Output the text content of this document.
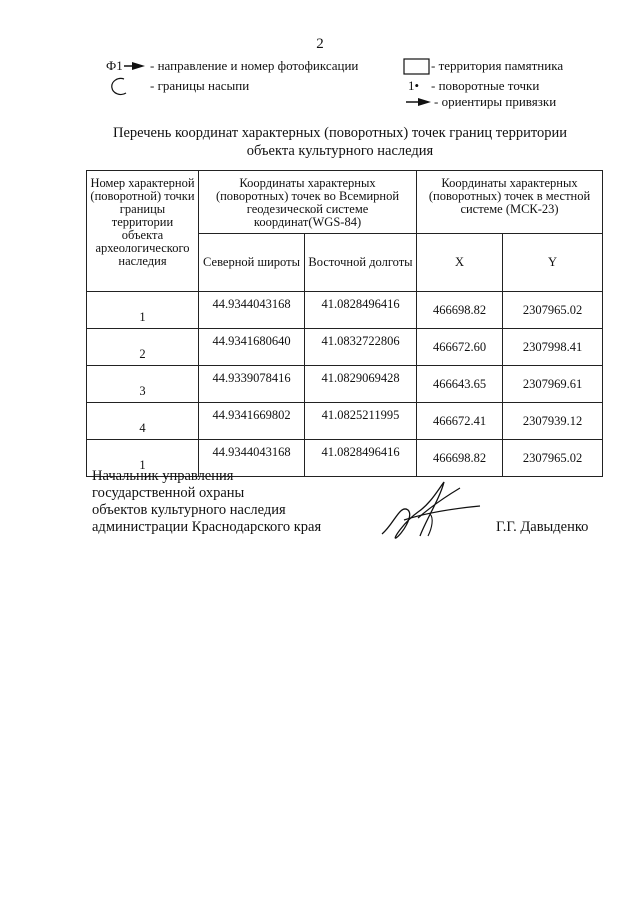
2
Ф1 - направление и номер фотофиксации
- границы насыпи
- территория памятника
1• - поворотные точки
- ориентиры привязки
Перечень координат характерных (поворотных) точек границ территории
объекта культурного наследия
Номер характерной (поворотной) точки границы территории объекта археологического наследия	Координаты характерных (поворотных) точек во Всемирной геодезической системе координат(WGS-84)		Координаты характерных (поворотных) точек в местной системе (МСК-23)	
	Северной широты	Восточной долготы	X	Y
1	44.9344043168	41.0828496416	466698.82	2307965.02
2	44.9341680640	41.0832722806	466672.60	2307998.41
3	44.9339078416	41.0829069428	466643.65	2307969.61
4	44.9341669802	41.0825211995	466672.41	2307939.12
1	44.9344043168	41.0828496416	466698.82	2307965.02
Начальник управления
государственной охраны
объектов культурного наследия
администрации Краснодарского края	Г.Г. Давыденко
